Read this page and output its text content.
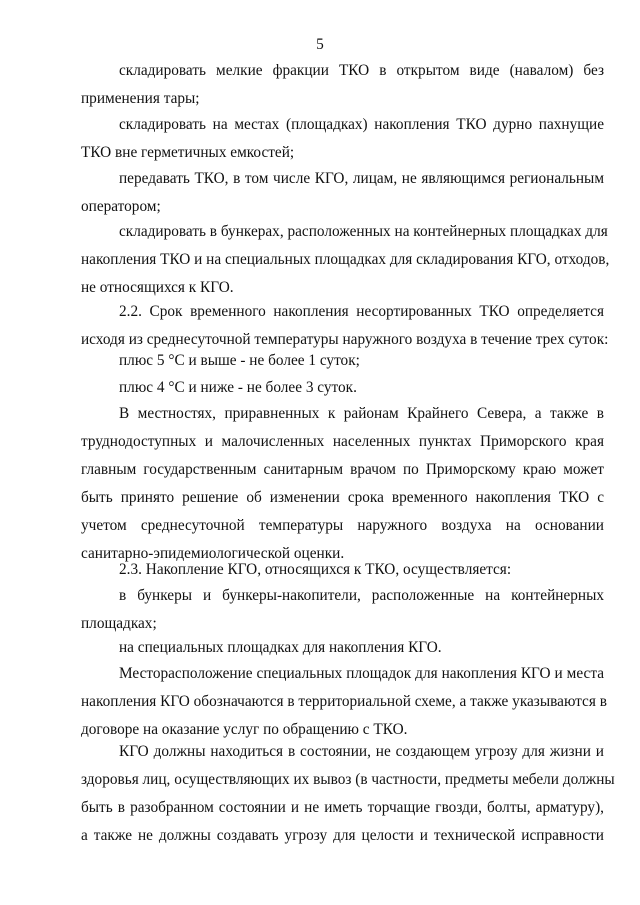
5
складировать мелкие фракции ТКО в открытом виде (навалом) без
применения тары;
складировать на местах (площадках) накопления ТКО дурно пахнущие
ТКО вне герметичных емкостей;
передавать ТКО, в том числе КГО, лицам, не являющимся региональным
оператором;
складировать в бункерах, расположенных на контейнерных площадках для
накопления ТКО и на специальных площадках для складирования КГО, отходов,
не относящихся к КГО.
2.2. Срок временного накопления несортированных ТКО определяется
исходя из среднесуточной температуры наружного воздуха в течение трех суток:
плюс 5 °С и выше - не более 1 суток;
плюс 4 °С и ниже - не более 3 суток.
В местностях, приравненных к районам Крайнего Севера, а также в
труднодоступных и малочисленных населенных пунктах Приморского края
главным государственным санитарным врачом по Приморскому краю может
быть принято решение об изменении срока временного накопления ТКО с
учетом среднесуточной температуры наружного воздуха на основании
санитарно-эпидемиологической оценки.
2.3. Накопление КГО, относящихся к ТКО, осуществляется:
в бункеры и бункеры-накопители, расположенные на контейнерных
площадках;
на специальных площадках для накопления КГО.
Месторасположение специальных площадок для накопления КГО и места
накопления КГО обозначаются в территориальной схеме, а также указываются в
договоре на оказание услуг по обращению с ТКО.
КГО должны находиться в состоянии, не создающем угрозу для жизни и
здоровья лиц, осуществляющих их вывоз (в частности, предметы мебели должны
быть в разобранном состоянии и не иметь торчащие гвозди, болты, арматуру),
а также не должны создавать угрозу для целости и технической исправности
